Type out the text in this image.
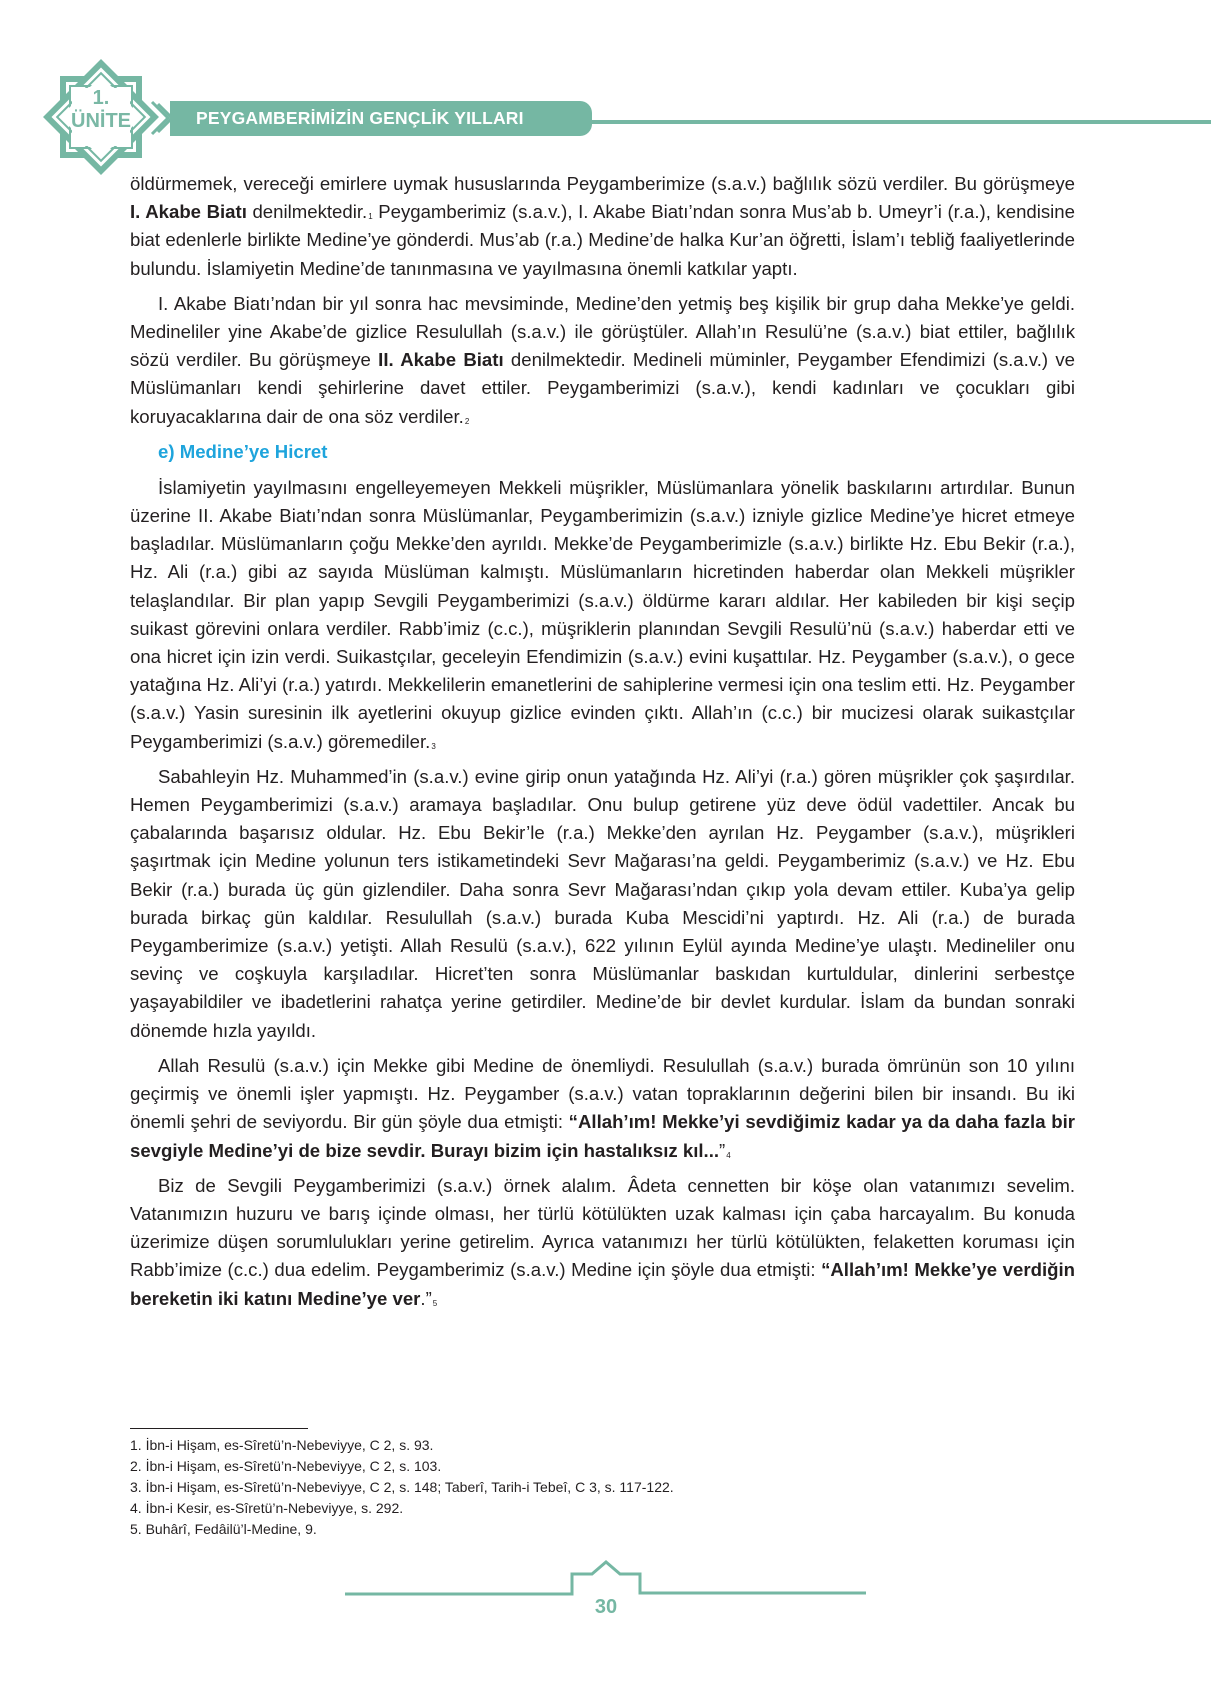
1.
ÜNİTE	PEYGAMBERİMİZİN GENÇLİK YILLARI

öldürmemek, vereceği emirlere uymak hususlarında Peygamberimize (s.a.v.) bağlılık sözü verdiler. Bu görüşmeye I. Akabe Biatı denilmektedir.$^1$ Peygamberimiz (s.a.v.), I. Akabe Biatı’ndan sonra Mus’ab b. Umeyr’i (r.a.), kendisine biat edenlerle birlikte Medine’ye gönderdi. Mus’ab (r.a.) Medine’de halka Kur’an öğretti, İslam’ı tebliğ faaliyetlerinde bulundu. İslamiyetin Medine’de tanınmasına ve yayılmasına önemli katkılar yaptı.

I. Akabe Biatı’ndan bir yıl sonra hac mevsiminde, Medine’den yetmiş beş kişilik bir grup daha Mekke’ye geldi. Medineliler yine Akabe’de gizlice Resulullah (s.a.v.) ile görüştüler. Allah’ın Resulü’ne (s.a.v.) biat ettiler, bağlılık sözü verdiler. Bu görüşmeye II. Akabe Biatı denilmektedir. Medineli müminler, Peygamber Efendimizi (s.a.v.) ve Müslümanları kendi şehirlerine davet ettiler. Peygamberimizi (s.a.v.), kendi kadınları ve çocukları gibi koruyacaklarına dair de ona söz verdiler.$^2$

e) Medine’ye Hicret

İslamiyetin yayılmasını engelleyemeyen Mekkeli müşrikler, Müslümanlara yönelik baskılarını artırdılar. Bunun üzerine II. Akabe Biatı’ndan sonra Müslümanlar, Peygamberimizin (s.a.v.) izniyle gizlice Medine’ye hicret etmeye başladılar. Müslümanların çoğu Mekke’den ayrıldı. Mekke’de Peygamberimizle (s.a.v.) birlikte Hz. Ebu Bekir (r.a.), Hz. Ali (r.a.) gibi az sayıda Müslüman kalmıştı. Müslümanların hicretinden haberdar olan Mekkeli müşrikler telaşlandılar. Bir plan yapıp Sevgili Peygamberimizi (s.a.v.) öldürme kararı aldılar. Her kabileden bir kişi seçip suikast görevini onlara verdiler. Rabb’imiz (c.c.), müşriklerin planından Sevgili Resulü’nü (s.a.v.) haberdar etti ve ona hicret için izin verdi. Suikastçılar, geceleyin Efendimizin (s.a.v.) evini kuşattılar. Hz. Peygamber (s.a.v.), o gece yatağına Hz. Ali’yi (r.a.) yatırdı. Mekkelilerin emanetlerini de sahiplerine vermesi için ona teslim etti. Hz. Peygamber (s.a.v.) Yasin suresinin ilk ayetlerini okuyup gizlice evinden çıktı. Allah’ın (c.c.) bir mucizesi olarak suikastçılar Peygamberimizi (s.a.v.) göremediler.$^3$

Sabahleyin Hz. Muhammed’in (s.a.v.) evine girip onun yatağında Hz. Ali’yi (r.a.) gören müşrikler çok şaşırdılar. Hemen Peygamberimizi (s.a.v.) aramaya başladılar. Onu bulup getirene yüz deve ödül vadettiler. Ancak bu çabalarında başarısız oldular. Hz. Ebu Bekir’le (r.a.) Mekke’den ayrılan Hz. Peygamber (s.a.v.), müşrikleri şaşırtmak için Medine yolunun ters istikametindeki Sevr Mağarası’na geldi. Peygamberimiz (s.a.v.) ve Hz. Ebu Bekir (r.a.) burada üç gün gizlendiler. Daha sonra Sevr Mağarası’ndan çıkıp yola devam ettiler. Kuba’ya gelip burada birkaç gün kaldılar. Resulullah (s.a.v.) burada Kuba Mescidi’ni yaptırdı. Hz. Ali (r.a.) de burada Peygamberimize (s.a.v.) yetişti. Allah Resulü (s.a.v.), 622 yılının Eylül ayında Medine’ye ulaştı. Medineliler onu sevinç ve coşkuyla karşıladılar. Hicret’ten sonra Müslümanlar baskıdan kurtuldular, dinlerini serbestçe yaşayabildiler ve ibadetlerini rahatça yerine getirdiler. Medine’de bir devlet kurdular. İslam da bundan sonraki dönemde hızla yayıldı.

Allah Resulü (s.a.v.) için Mekke gibi Medine de önemliydi. Resulullah (s.a.v.) burada ömrünün son 10 yılını geçirmiş ve önemli işler yapmıştı. Hz. Peygamber (s.a.v.) vatan topraklarının değerini bilen bir insandı. Bu iki önemli şehri de seviyordu. Bir gün şöyle dua etmişti: “Allah’ım! Mekke’yi sevdiğimiz kadar ya da daha fazla bir sevgiyle Medine’yi de bize sevdir. Burayı bizim için hastalıksız kıl...”$^4$

Biz de Sevgili Peygamberimizi (s.a.v.) örnek alalım. Âdeta cennetten bir köşe olan vatanımızı sevelim. Vatanımızın huzuru ve barış içinde olması, her türlü kötülükten uzak kalması için çaba harcayalım. Bu konuda üzerimize düşen sorumlulukları yerine getirelim. Ayrıca vatanımızı her türlü kötülükten, felaketten koruması için Rabb’imize (c.c.) dua edelim. Peygamberimiz (s.a.v.) Medine için şöyle dua etmişti: “Allah’ım! Mekke’ye verdiğin bereketin iki katını Medine’ye ver.”$^5$

1. İbn-i Hişam, es-Sîretü’n-Nebeviyye, C 2, s. 93.
2. İbn-i Hişam, es-Sîretü’n-Nebeviyye, C 2, s. 103.
3. İbn-i Hişam, es-Sîretü’n-Nebeviyye, C 2, s. 148; Taberî, Tarih-i Tebeî, C 3, s. 117-122.
4. İbn-i Kesir, es-Sîretü’n-Nebeviyye, s. 292.
5. Buhârî, Fedâilü’l-Medine, 9.
30
